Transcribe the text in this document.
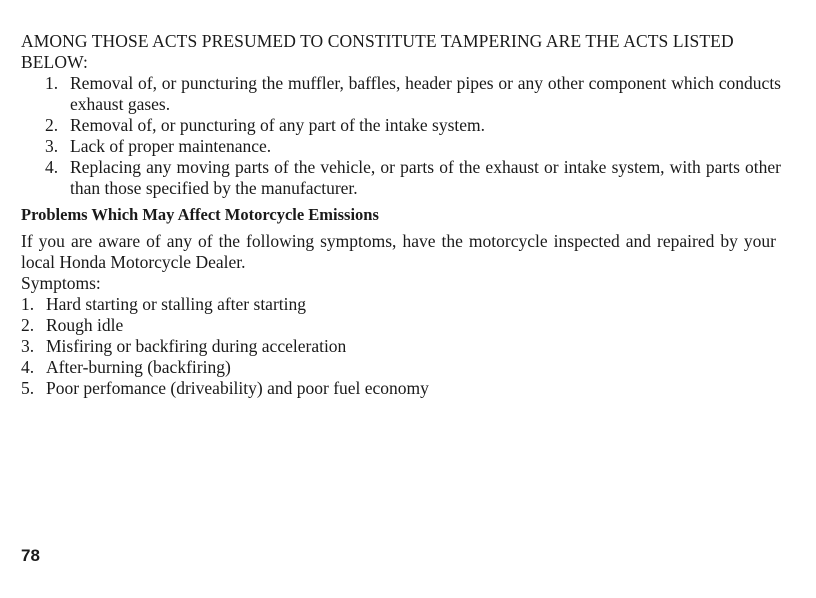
AMONG THOSE ACTS PRESUMED TO CONSTITUTE TAMPERING ARE THE ACTS LISTED BELOW:
1. Removal of, or puncturing the muffler, baffles, header pipes or any other component which conducts exhaust gases.
2. Removal of, or puncturing of any part of the intake system.
3. Lack of proper maintenance.
4. Replacing any moving parts of the vehicle, or parts of the exhaust or intake system, with parts other than those specified by the manufacturer.
Problems Which May Affect Motorcycle Emissions

If you are aware of any of the following symptoms, have the motorcycle inspected and repaired by your local Honda Motorcycle Dealer.

Symptoms:

1. Hard starting or stalling after starting
2. Rough idle
3. Misfiring or backfiring during acceleration
4. After-burning (backfiring)
5. Poor perfomance (driveability) and poor fuel economy
78
